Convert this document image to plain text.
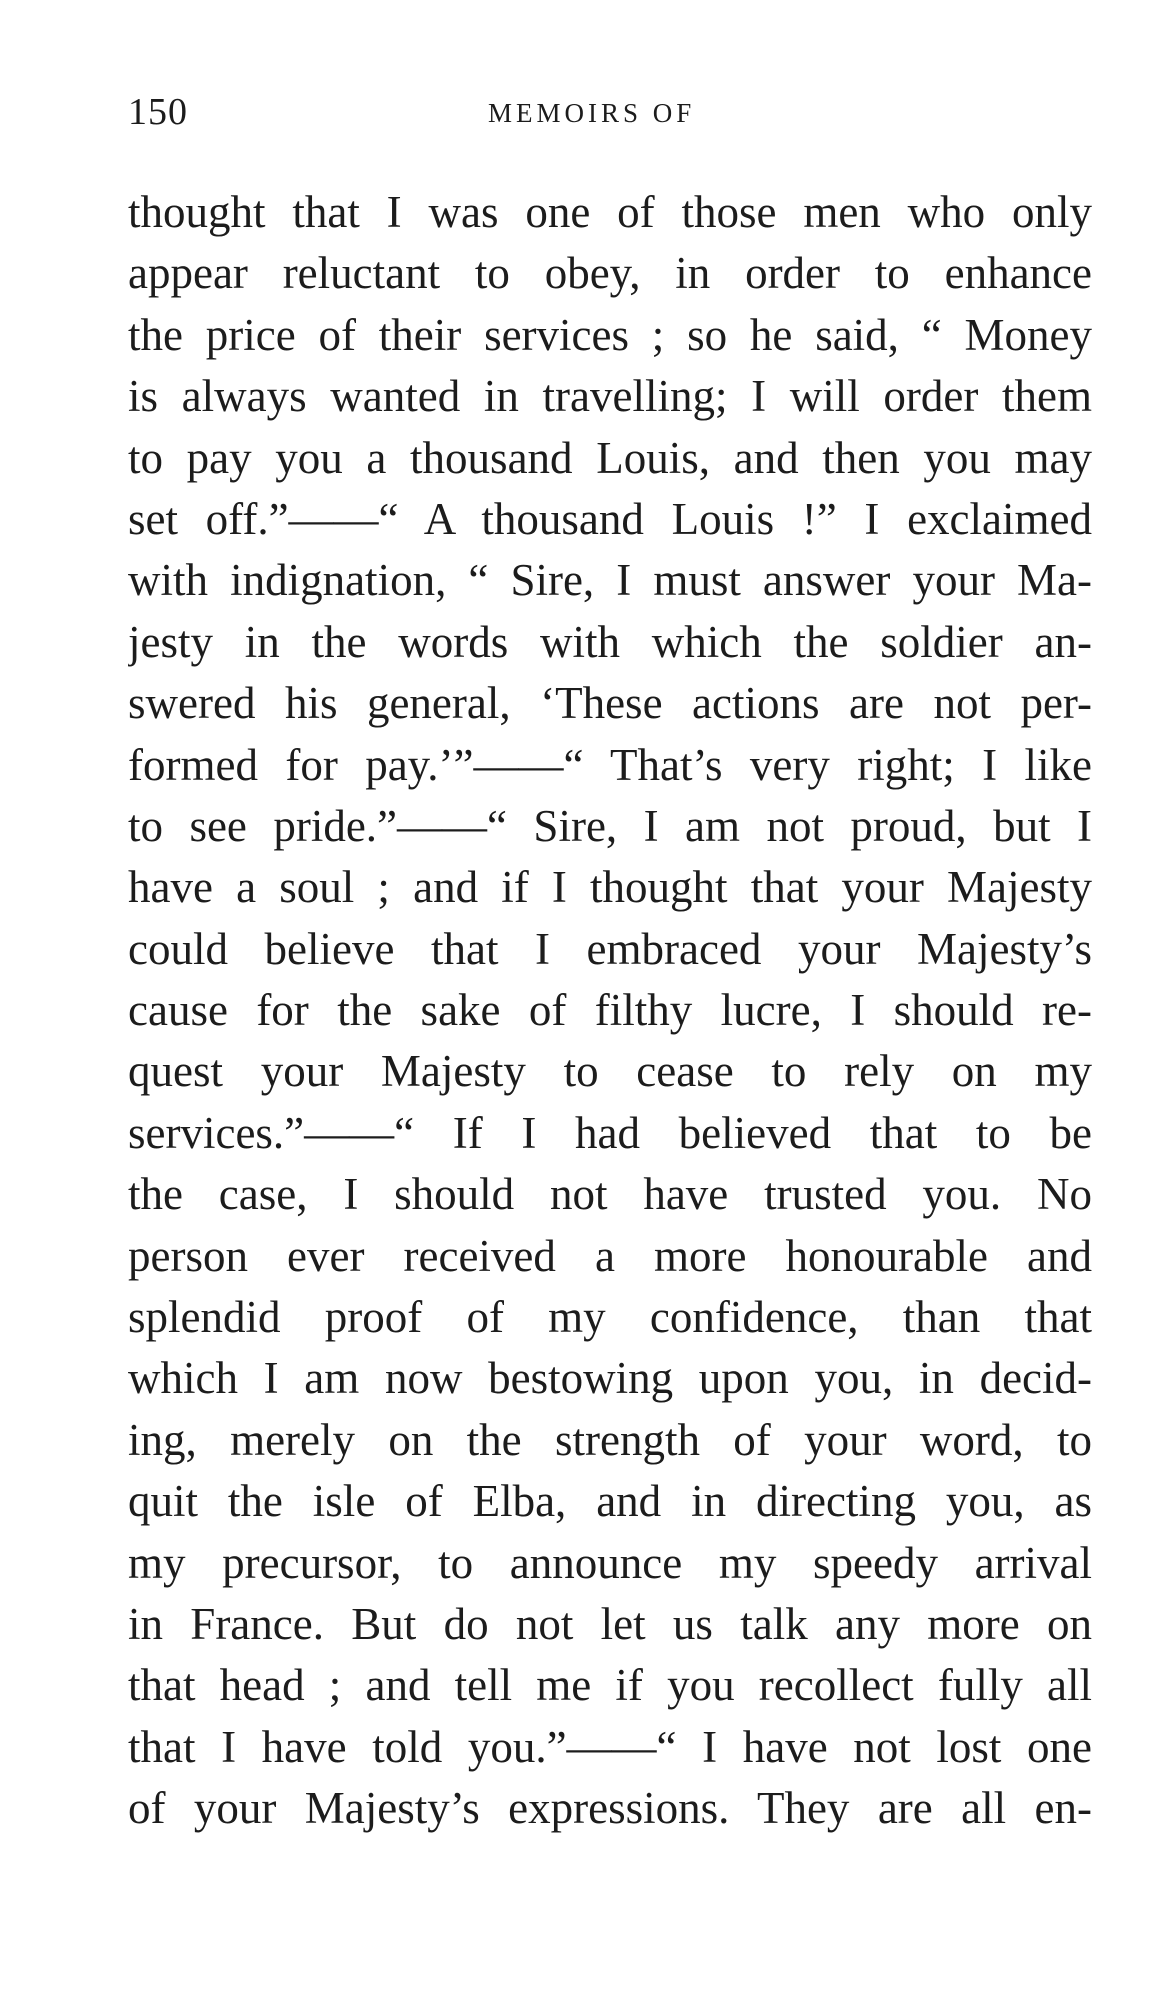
150	MEMOIRS OF
thought that I was one of those men who only
appear reluctant to obey, in order to enhance
the price of their services ; so he said, “ Money
is always wanted in travelling; I will order them
to pay you a thousand Louis, and then you may
set off.”——“ A thousand Louis !” I exclaimed
with indignation, “ Sire, I must answer your Ma-
jesty in the words with which the soldier an-
swered his general, ‘These actions are not per-
formed for pay.’”——“ That’s very right; I like
to see pride.”——“ Sire, I am not proud, but I
have a soul ; and if I thought that your Majesty
could believe that I embraced your Majesty’s
cause for the sake of filthy lucre, I should re-
quest your Majesty to cease to rely on my
services.”——“ If I had believed that to be
the case, I should not have trusted you. No
person ever received a more honourable and
splendid proof of my confidence, than that
which I am now bestowing upon you, in decid-
ing, merely on the strength of your word, to
quit the isle of Elba, and in directing you, as
my precursor, to announce my speedy arrival
in France. But do not let us talk any more on
that head ; and tell me if you recollect fully all
that I have told you.”——“ I have not lost one
of your Majesty’s expressions. They are all en-
